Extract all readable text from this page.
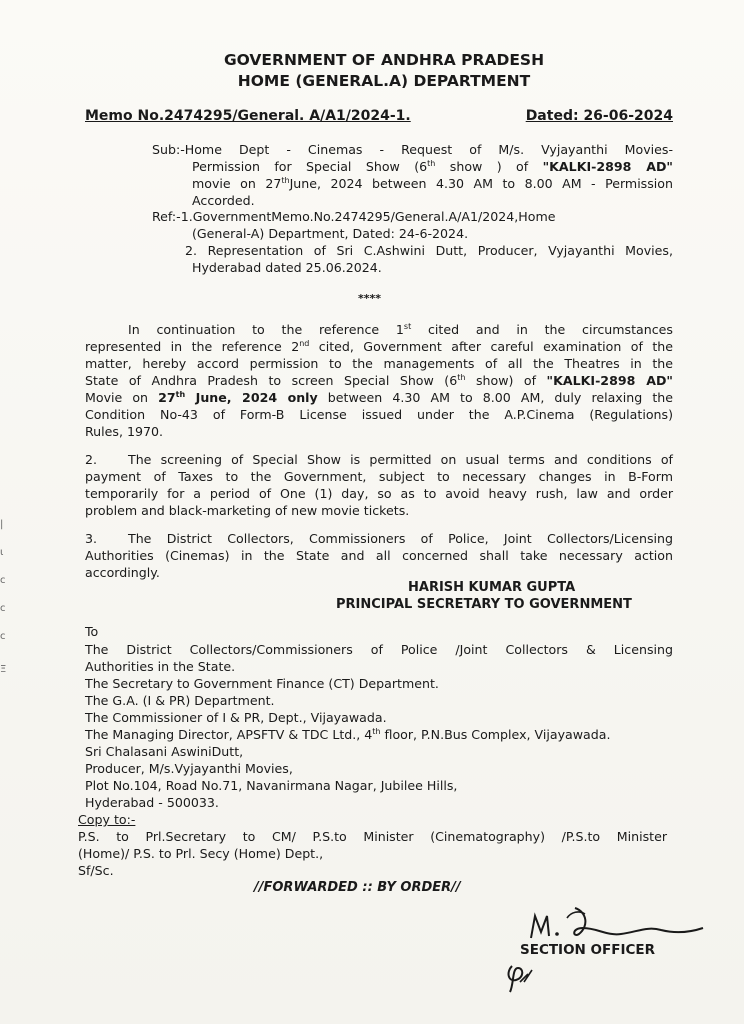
|
ι
c
c
c
Ξ
GOVERNMENT OF ANDHRA PRADESH
HOME (GENERAL.A) DEPARTMENT
Memo No.2474295/General. A/A1/2024-1.	Dated: 26-06-2024
Sub:-Home Dept - Cinemas - Request of M/s. Vyjayanthi Movies-
Permission for Special Show (6th show ) of "KALKI-2898 AD"
movie on 27thJune, 2024 between 4.30 AM to 8.00 AM - Permission
Accorded.
Ref:-1.GovernmentMemo.No.2474295/General.A/A1/2024,Home
(General-A) Department, Dated: 24-6-2024.
2. Representation of Sri C.Ashwini Dutt, Producer, Vyjayanthi Movies,
Hyderabad dated 25.06.2024.
****
In continuation to the reference 1st cited and in the circumstances
represented in the reference 2nd cited, Government after careful examination of the
matter, hereby accord permission to the managements of all the Theatres in the
State of Andhra Pradesh to screen Special Show (6th show) of "KALKI-2898 AD"
Movie on 27th June, 2024 only between 4.30 AM to 8.00 AM, duly relaxing the
Condition No-43 of Form-B License issued under the A.P.Cinema (Regulations)
Rules, 1970.
2. The screening of Special Show is permitted on usual terms and conditions of
payment of Taxes to the Government, subject to necessary changes in B-Form
temporarily for a period of One (1) day, so as to avoid heavy rush, law and order
problem and black-marketing of new movie tickets.
3. The District Collectors, Commissioners of Police, Joint Collectors/Licensing
Authorities (Cinemas) in the State and all concerned shall take necessary action
accordingly.
HARISH KUMAR GUPTA
PRINCIPAL SECRETARY TO GOVERNMENT
To
The District Collectors/Commissioners of Police /Joint Collectors & Licensing
Authorities in the State.
The Secretary to Government Finance (CT) Department.
The G.A. (I & PR) Department.
The Commissioner of I & PR, Dept., Vijayawada.
The Managing Director, APSFTV & TDC Ltd., 4th floor, P.N.Bus Complex, Vijayawada.
Sri Chalasani AswiniDutt,
Producer, M/s.Vyjayanthi Movies,
Plot No.104, Road No.71, Navanirmana Nagar, Jubilee Hills,
Hyderabad - 500033.
Copy to:-
P.S. to Prl.Secretary to CM/ P.S.to Minister (Cinematography) /P.S.to Minister
(Home)/ P.S. to Prl. Secy (Home) Dept.,
Sf/Sc.
//FORWARDED :: BY ORDER//
SECTION OFFICER
